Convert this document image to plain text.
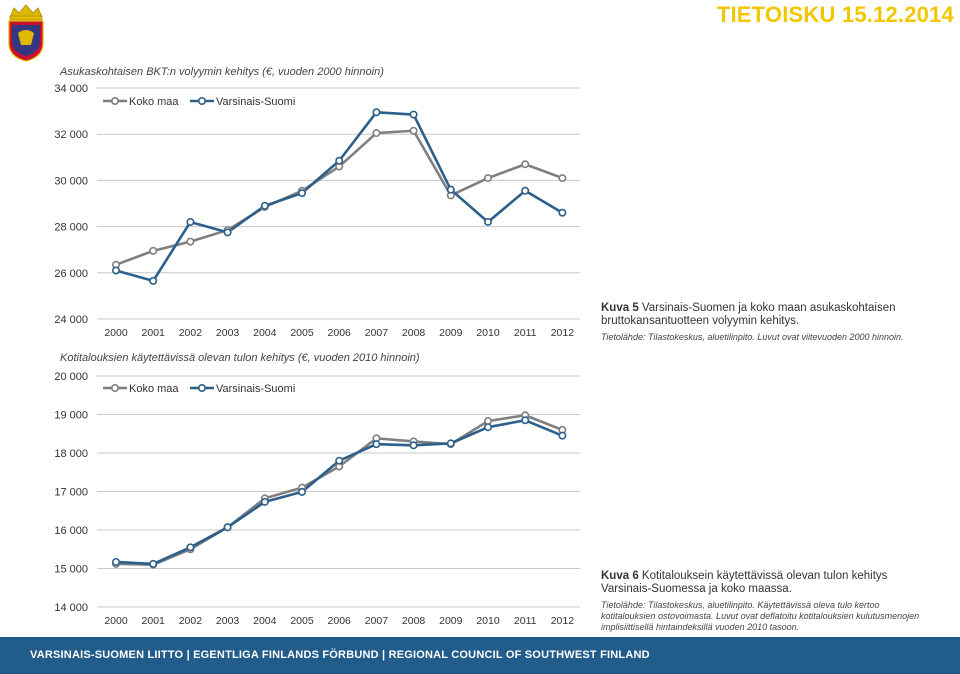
TIETOISKU 15.12.2014
Asukaskohtaisen BKT:n volyymin kehitys (€, vuoden 2000 hinnoin)
Kotitalouksien käytettävissä olevan tulon kehitys (€, vuoden 2010 hinnoin)
24 000
26 000
28 000
30 000
32 000
34 000
2000 2001 2002 2003 2004 2005 2006 2007 2008 2009 2010 2011 2012
Koko maa	Varsinais-Suomi
14 000
15 000
16 000
17 000
18 000
19 000
20 000
2000 2001 2002 2003 2004 2005 2006 2007 2008 2009 2010 2011 2012
Koko maa	Varsinais-Suomi
Kuva 5 Varsinais-Suomen ja koko maan asukaskohtaisen bruttokansantuotteen volyymin kehitys.
Tietolähde: Tilastokeskus, aluetilinpito. Luvut ovat viitevuoden 2000 hinnoin.
Kuva 6 Kotitalouksein käytettävissä olevan tulon kehitys Varsinais-Suomessa ja koko maassa.
Tietolähde: Tilastokeskus, aluetilinpito. Käytettävissä oleva tulo kertoo kotitalouksien ostovoimasta. Luvut ovat deflatoitu kotitalouksien kulutusmenojen implisiittisellä hintaindeksillä vuoden 2010 tasoon.
VARSINAIS-SUOMEN LIITTO | EGENTLIGA FINLANDS FÖRBUND | REGIONAL COUNCIL OF SOUTHWEST FINLAND
